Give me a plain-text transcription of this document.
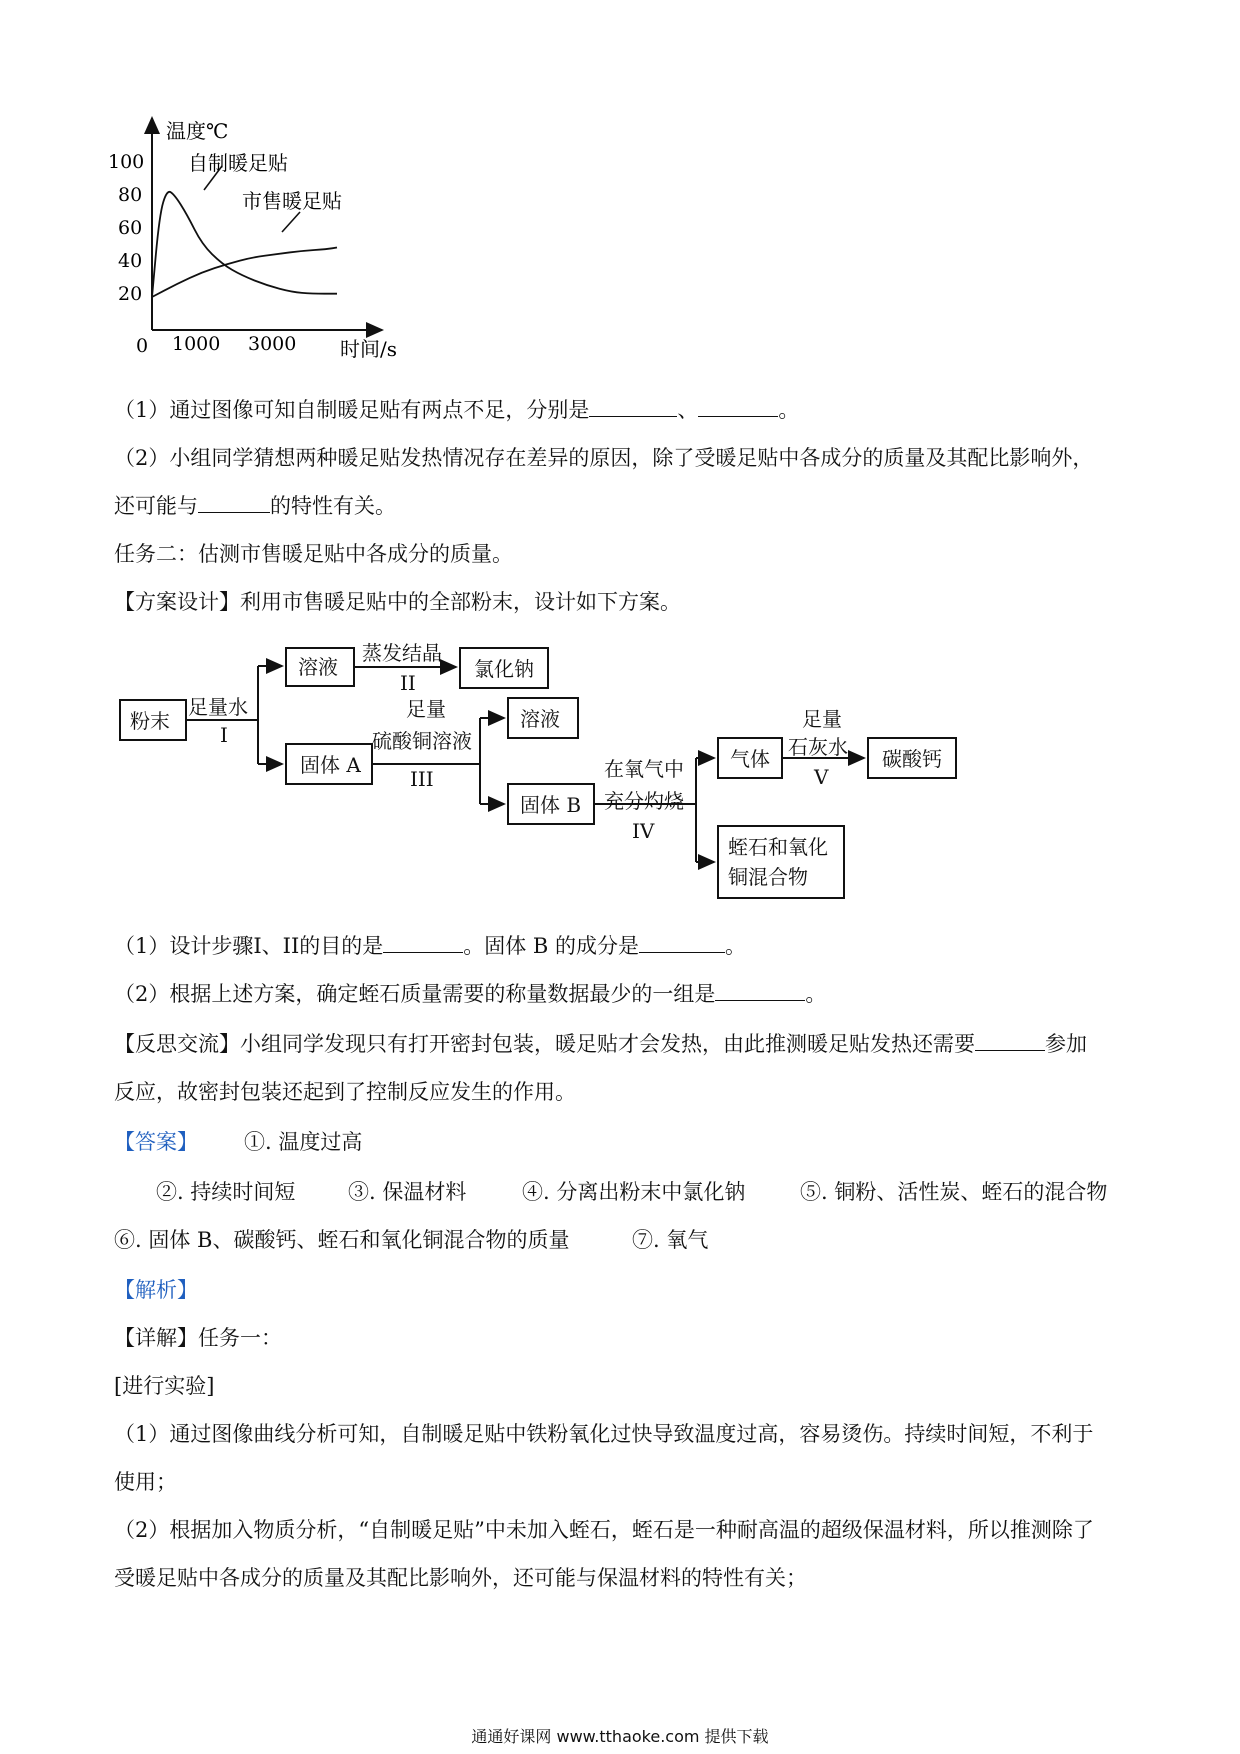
温度℃
时间/s
0
100
80
60
40
20
1000 3000
自制暖足贴
市售暖足贴
（1）通过图像可知自制暖足贴有两点不足，分别是	、	。
（2）小组同学猜想两种暖足贴发热情况存在差异的原因，除了受暖足贴中各成分的质量及其配比影响外，
还可能与	的特性有关。
任务二：估测市售暖足贴中各成分的质量。
【方案设计】利用市售暖足贴中的全部粉末，设计如下方案。
粉末
足量水
I
溶液
蒸发结晶
II
氯化钠
固体 A
足量
硫酸铜溶液
III
溶液
固体 B
在氧气中
充分灼烧
IV
气体
足量
石灰水
V
碳酸钙
蛭石和氧化
铜混合物
（1）设计步骤I、II的目的是	。固体 B 的成分是	。
（2）根据上述方案，确定蛭石质量需要的称量数据最少的一组是	。
【反思交流】小组同学发现只有打开密封包装，暖足贴才会发热，由此推测暖足贴发热还需要	参加
反应，故密封包装还起到了控制反应发生的作用。
【答案】 ①. 温度过高
②. 持续时间短	③. 保温材料	④. 分离出粉末中氯化钠	⑤. 铜粉、活性炭、蛭石的混合物
⑥. 固体 B、碳酸钙、蛭石和氧化铜混合物的质量	⑦. 氧气
【解析】
【详解】任务一：
[进行实验]
（1）通过图像曲线分析可知，自制暖足贴中铁粉氧化过快导致温度过高，容易烫伤。持续时间短，不利于
使用；
（2）根据加入物质分析，“自制暖足贴”中未加入蛭石，蛭石是一种耐高温的超级保温材料，所以推测除了
受暖足贴中各成分的质量及其配比影响外，还可能与保温材料的特性有关；
通通好课网 www.tthaoke.com 提供下载
